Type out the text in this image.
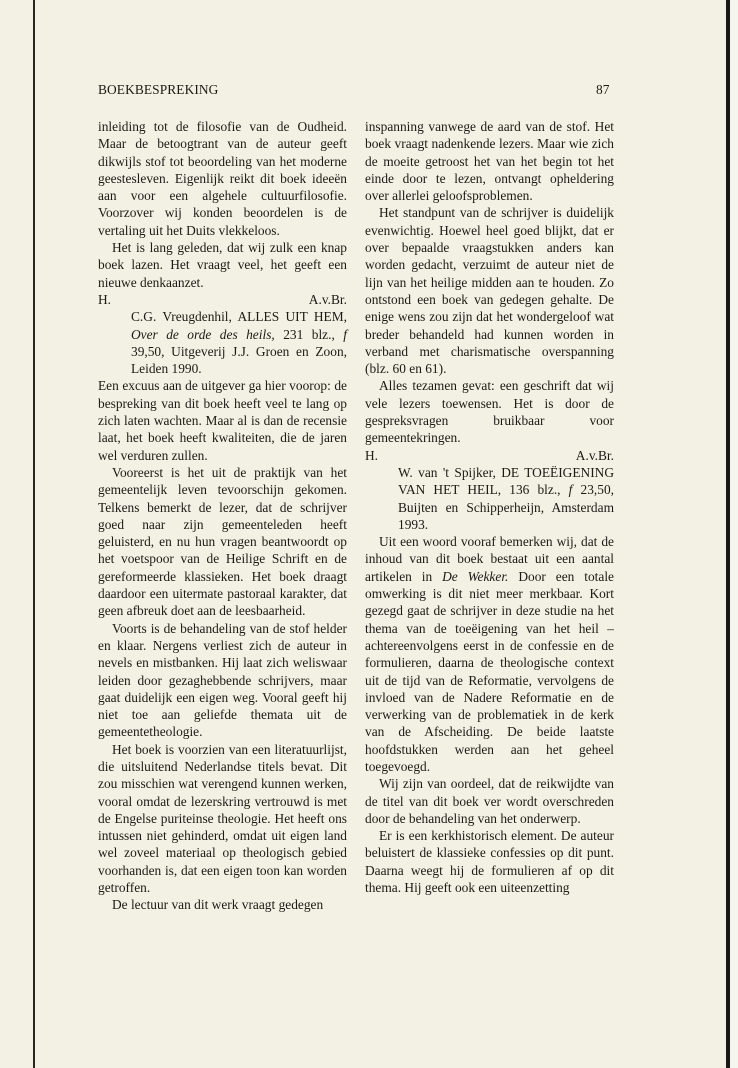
BOEKBESPREKING	87

inleiding tot de filosofie van de Oudheid. Maar de betoogtrant van de auteur geeft dikwijls stof tot beoordeling van het moderne geestesleven. Eigenlijk reikt dit boek ideeën aan voor een algehele cultuurfilosofie. Voorzover wij konden beoordelen is de vertaling uit het Duits vlekkeloos.

Het is lang geleden, dat wij zulk een knap boek lazen. Het vraagt veel, het geeft een nieuwe denkaanzet.

H.	A.v.Br.

C.G. Vreugdenhil, ALLES UIT HEM, Over de orde des heils, 231 blz., f 39,50, Uitgeverij J.J. Groen en Zoon, Leiden 1990.

Een excuus aan de uitgever ga hier voorop: de bespreking van dit boek heeft veel te lang op zich laten wachten. Maar al is dan de recensie laat, het boek heeft kwaliteiten, die de jaren wel verduren zullen.

Vooreerst is het uit de praktijk van het gemeentelijk leven tevoorschijn gekomen. Telkens bemerkt de lezer, dat de schrijver goed naar zijn gemeenteleden heeft geluisterd, en nu hun vragen beantwoordt op het voetspoor van de Heilige Schrift en de gereformeerde klassieken. Het boek draagt daardoor een uitermate pastoraal karakter, dat geen afbreuk doet aan de leesbaarheid.

Voorts is de behandeling van de stof helder en klaar. Nergens verliest zich de auteur in nevels en mistbanken. Hij laat zich weliswaar leiden door gezaghebbende schrijvers, maar gaat duidelijk een eigen weg. Vooral geeft hij niet toe aan geliefde themata uit de gemeentetheologie.

Het boek is voorzien van een literatuurlijst, die uitsluitend Nederlandse titels bevat. Dit zou misschien wat verengend kunnen werken, vooral omdat de lezerskring vertrouwd is met de Engelse puriteinse theologie. Het heeft ons intussen niet gehinderd, omdat uit eigen land wel zoveel materiaal op theologisch gebied voorhanden is, dat een eigen toon kan worden getroffen.

De lectuur van dit werk vraagt gedegen

inspanning vanwege de aard van de stof. Het boek vraagt nadenkende lezers. Maar wie zich de moeite getroost het van het begin tot het einde door te lezen, ontvangt opheldering over allerlei geloofsproblemen.

Het standpunt van de schrijver is duidelijk evenwichtig. Hoewel heel goed blijkt, dat er over bepaalde vraagstukken anders kan worden gedacht, verzuimt de auteur niet de lijn van het heilige midden aan te houden. Zo ontstond een boek van gedegen gehalte. De enige wens zou zijn dat het wondergeloof wat breder behandeld had kunnen worden in verband met charismatische overspanning (blz. 60 en 61).

Alles tezamen gevat: een geschrift dat wij vele lezers toewensen. Het is door de gespreksvragen bruikbaar voor gemeentekringen.

H.	A.v.Br.

W. van 't Spijker, DE TOEËIGENING VAN HET HEIL, 136 blz., f 23,50, Buijten en Schipperheijn, Amsterdam 1993.

Uit een woord vooraf bemerken wij, dat de inhoud van dit boek bestaat uit een aantal artikelen in De Wekker. Door een totale omwerking is dit niet meer merkbaar. Kort gezegd gaat de schrijver in deze studie na het thema van de toeëigening van het heil – achtereenvolgens eerst in de confessie en de formulieren, daarna de theologische context uit de tijd van de Reformatie, vervolgens de invloed van de Nadere Reformatie en de verwerking van de problematiek in de kerk van de Afscheiding. De beide laatste hoofdstukken werden aan het geheel toegevoegd.

Wij zijn van oordeel, dat de reikwijdte van de titel van dit boek ver wordt overschreden door de behandeling van het onderwerp.

Er is een kerkhistorisch element. De auteur beluistert de klassieke confessies op dit punt. Daarna weegt hij de formulieren af op dit thema. Hij geeft ook een uiteenzetting
